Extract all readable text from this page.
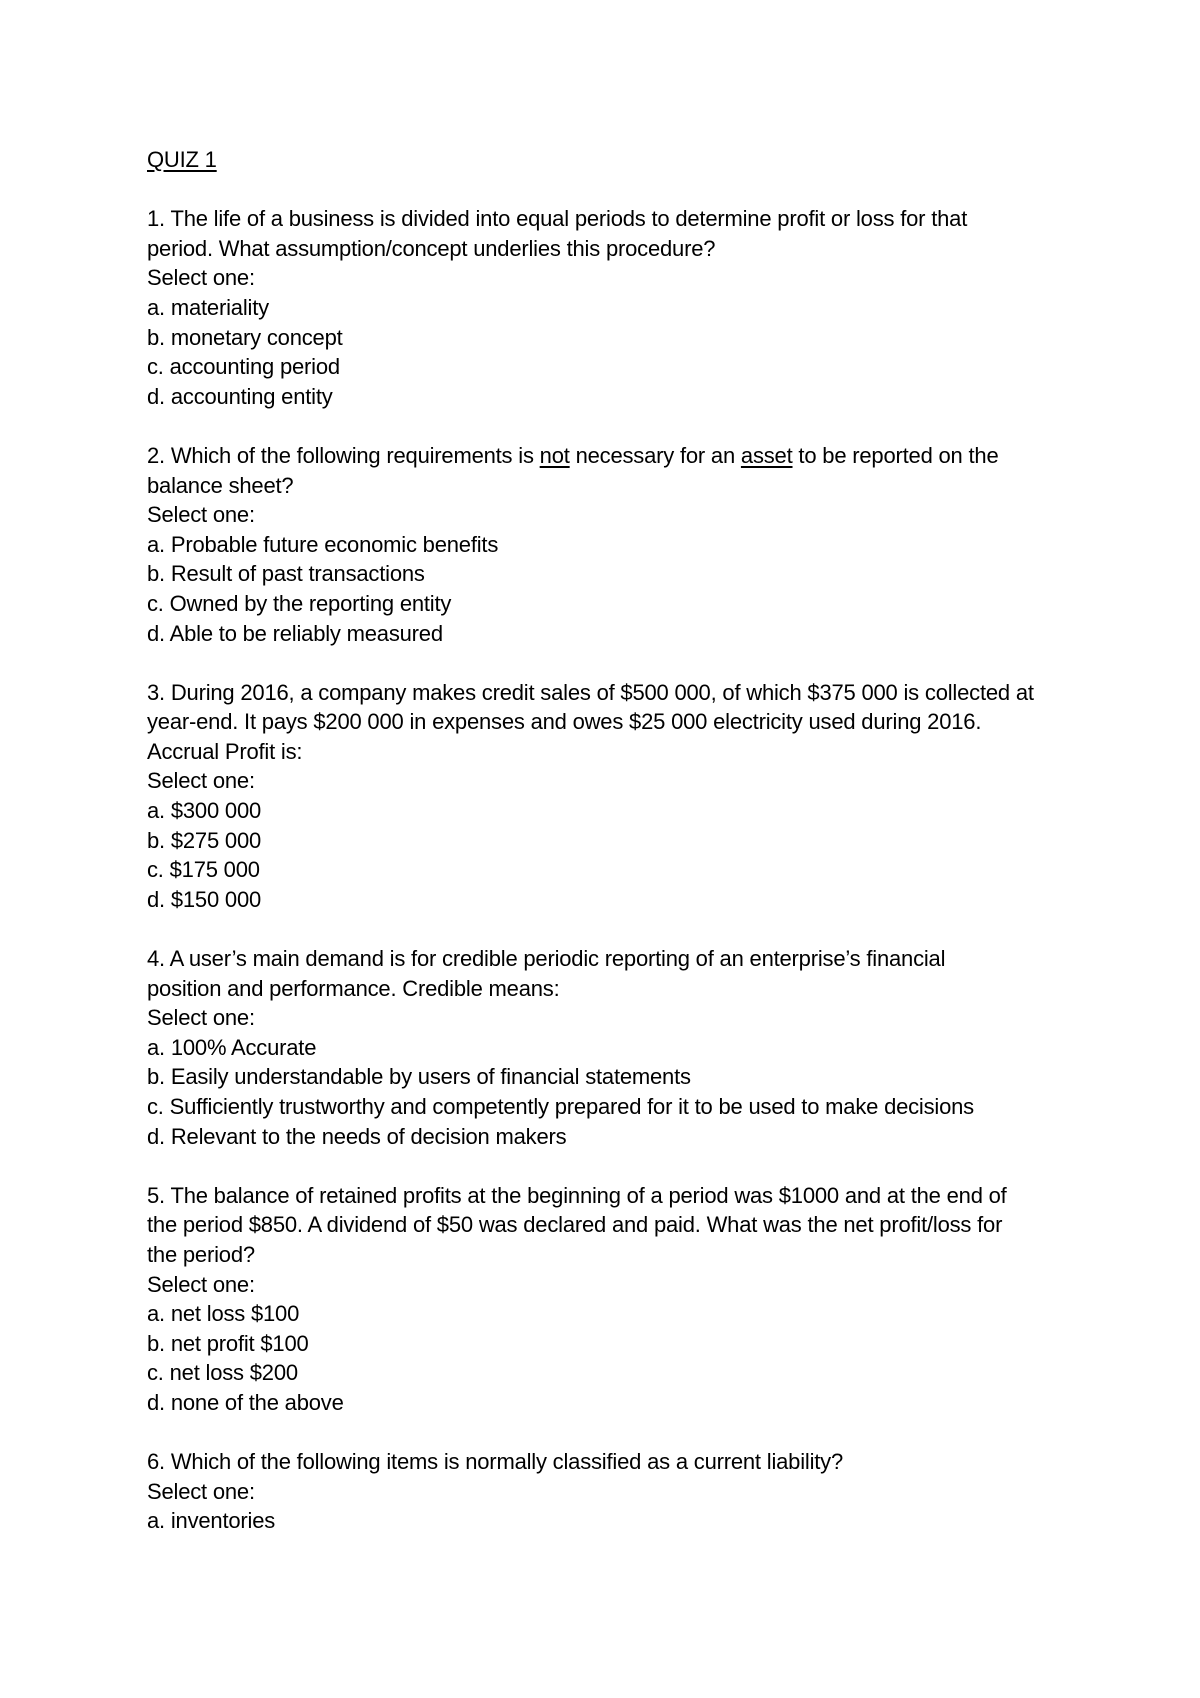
QUIZ 1
1. The life of a business is divided into equal periods to determine profit or loss for that
period. What assumption/concept underlies this procedure?
Select one:
a. materiality
b. monetary concept
c. accounting period
d. accounting entity
2. Which of the following requirements is not necessary for an asset to be reported on the
balance sheet?
Select one:
a. Probable future economic benefits
b. Result of past transactions
c. Owned by the reporting entity
d. Able to be reliably measured
3. During 2016, a company makes credit sales of $500 000, of which $375 000 is collected at
year-end. It pays $200 000 in expenses and owes $25 000 electricity used during 2016.
Accrual Profit is:
Select one:
a. $300 000
b. $275 000
c. $175 000
d. $150 000
4. A user’s main demand is for credible periodic reporting of an enterprise’s financial
position and performance. Credible means:
Select one:
a. 100% Accurate
b. Easily understandable by users of financial statements
c. Sufficiently trustworthy and competently prepared for it to be used to make decisions
d. Relevant to the needs of decision makers
5. The balance of retained profits at the beginning of a period was $1000 and at the end of
the period $850. A dividend of $50 was declared and paid. What was the net profit/loss for
the period?
Select one:
a. net loss $100
b. net profit $100
c. net loss $200
d. none of the above
6. Which of the following items is normally classified as a current liability?
Select one:
a. inventories
